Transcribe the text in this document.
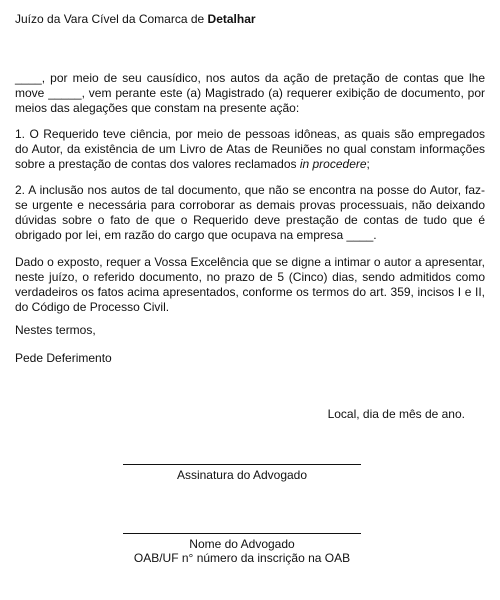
Juízo da Vara Cível da Comarca de Detalhar

____, por meio de seu causídico, nos autos da ação de pretação de contas que lhe move _____, vem perante este (a) Magistrado (a) requerer exibição de documento, por meios das alegações que constam na presente ação:

1. O Requerido teve ciência, por meio de pessoas idôneas, as quais são empregados do Autor, da existência de um Livro de Atas de Reuniões no qual constam informações sobre a prestação de contas dos valores reclamados in procedere;

2. A inclusão nos autos de tal documento, que não se encontra na posse do Autor, faz-se urgente e necessária para corroborar as demais provas processuais, não deixando dúvidas sobre o fato de que o Requerido deve prestação de contas de tudo que é obrigado por lei, em razão do cargo que ocupava na empresa ____.

Dado o exposto, requer a Vossa Excelência que se digne a intimar o autor a apresentar, neste juízo, o referido documento, no prazo de 5 (Cinco) dias, sendo admitidos como verdadeiros os fatos acima apresentados, conforme os termos do art. 359, incisos I e II, do Código de Processo Civil.

Nestes termos,

Pede Deferimento

Local, dia de mês de ano.
Assinatura do Advogado
Nome do Advogado
OAB/UF n° número da inscrição na OAB
